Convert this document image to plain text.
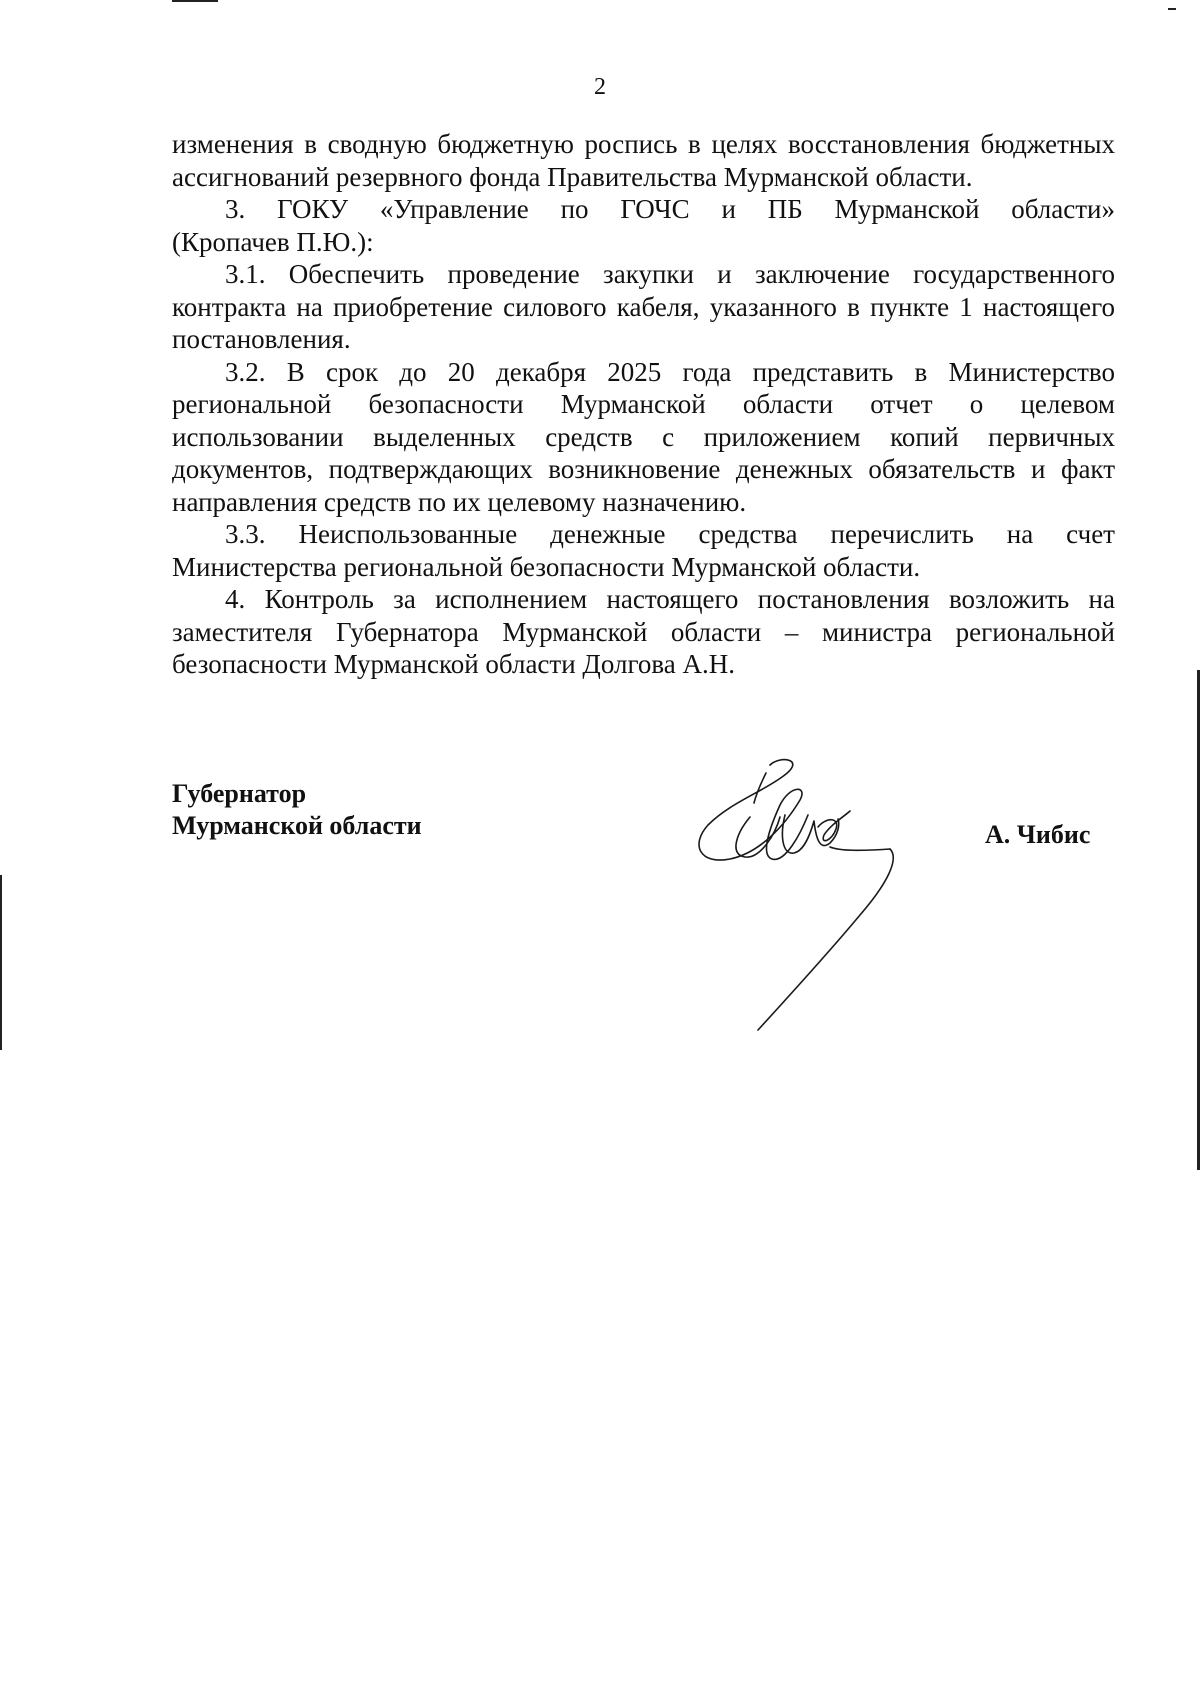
2

изменения в сводную бюджетную роспись в целях восстановления бюджетных
ассигнований резервного фонда Правительства Мурманской области.

3. ГОКУ «Управление по ГОЧС и ПБ Мурманской области»
(Кропачев П.Ю.):

3.1. Обеспечить проведение закупки и заключение государственного
контракта на приобретение силового кабеля, указанного в пункте 1 настоящего
постановления.

3.2. В срок до 20 декабря 2025 года представить в Министерство
региональной безопасности Мурманской области отчет о целевом
использовании выделенных средств с приложением копий первичных
документов, подтверждающих возникновение денежных обязательств и факт
направления средств по их целевому назначению.

3.3. Неиспользованные денежные средства перечислить на счет
Министерства региональной безопасности Мурманской области.

4. Контроль за исполнением настоящего постановления возложить на
заместителя Губернатора Мурманской области – министра региональной
безопасности Мурманской области Долгова А.Н.

Губернатор
Мурманской области	А. Чибис
